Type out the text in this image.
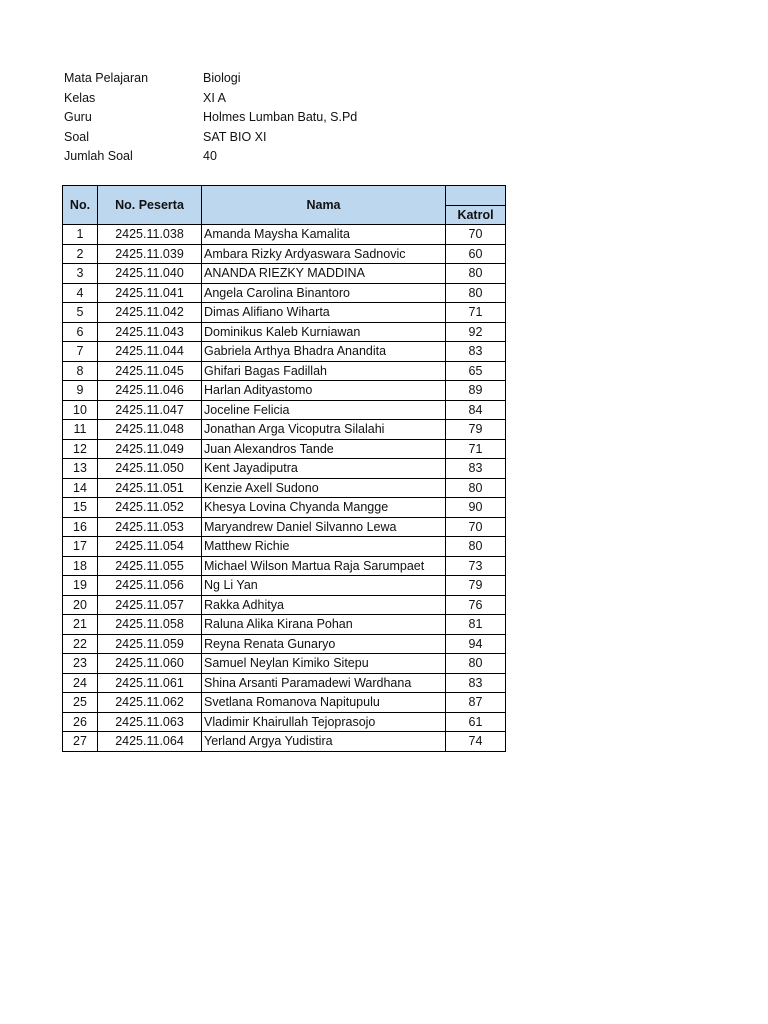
Mata Pelajaran	Biologi
Kelas	XI A
Guru	Holmes Lumban Batu, S.Pd
Soal	SAT BIO XI
Jumlah Soal	40
No.	No. Peserta	Nama	
			Katrol
1	2425.11.038	Amanda Maysha Kamalita	70
2	2425.11.039	Ambara Rizky Ardyaswara Sadnovic	60
3	2425.11.040	ANANDA RIEZKY MADDINA	80
4	2425.11.041	Angela Carolina Binantoro	80
5	2425.11.042	Dimas Alifiano Wiharta	71
6	2425.11.043	Dominikus Kaleb Kurniawan	92
7	2425.11.044	Gabriela Arthya Bhadra Anandita	83
8	2425.11.045	Ghifari Bagas Fadillah	65
9	2425.11.046	Harlan Adityastomo	89
10	2425.11.047	Joceline Felicia	84
11	2425.11.048	Jonathan Arga Vicoputra Silalahi	79
12	2425.11.049	Juan Alexandros Tande	71
13	2425.11.050	Kent Jayadiputra	83
14	2425.11.051	Kenzie Axell Sudono	80
15	2425.11.052	Khesya Lovina Chyanda Mangge	90
16	2425.11.053	Maryandrew Daniel Silvanno Lewa	70
17	2425.11.054	Matthew Richie	80
18	2425.11.055	Michael Wilson Martua Raja Sarumpaet	73
19	2425.11.056	Ng Li Yan	79
20	2425.11.057	Rakka Adhitya	76
21	2425.11.058	Raluna Alika Kirana Pohan	81
22	2425.11.059	Reyna Renata Gunaryo	94
23	2425.11.060	Samuel Neylan Kimiko Sitepu	80
24	2425.11.061	Shina Arsanti Paramadewi Wardhana	83
25	2425.11.062	Svetlana Romanova Napitupulu	87
26	2425.11.063	Vladimir Khairullah Tejoprasojo	61
27	2425.11.064	Yerland Argya Yudistira	74
